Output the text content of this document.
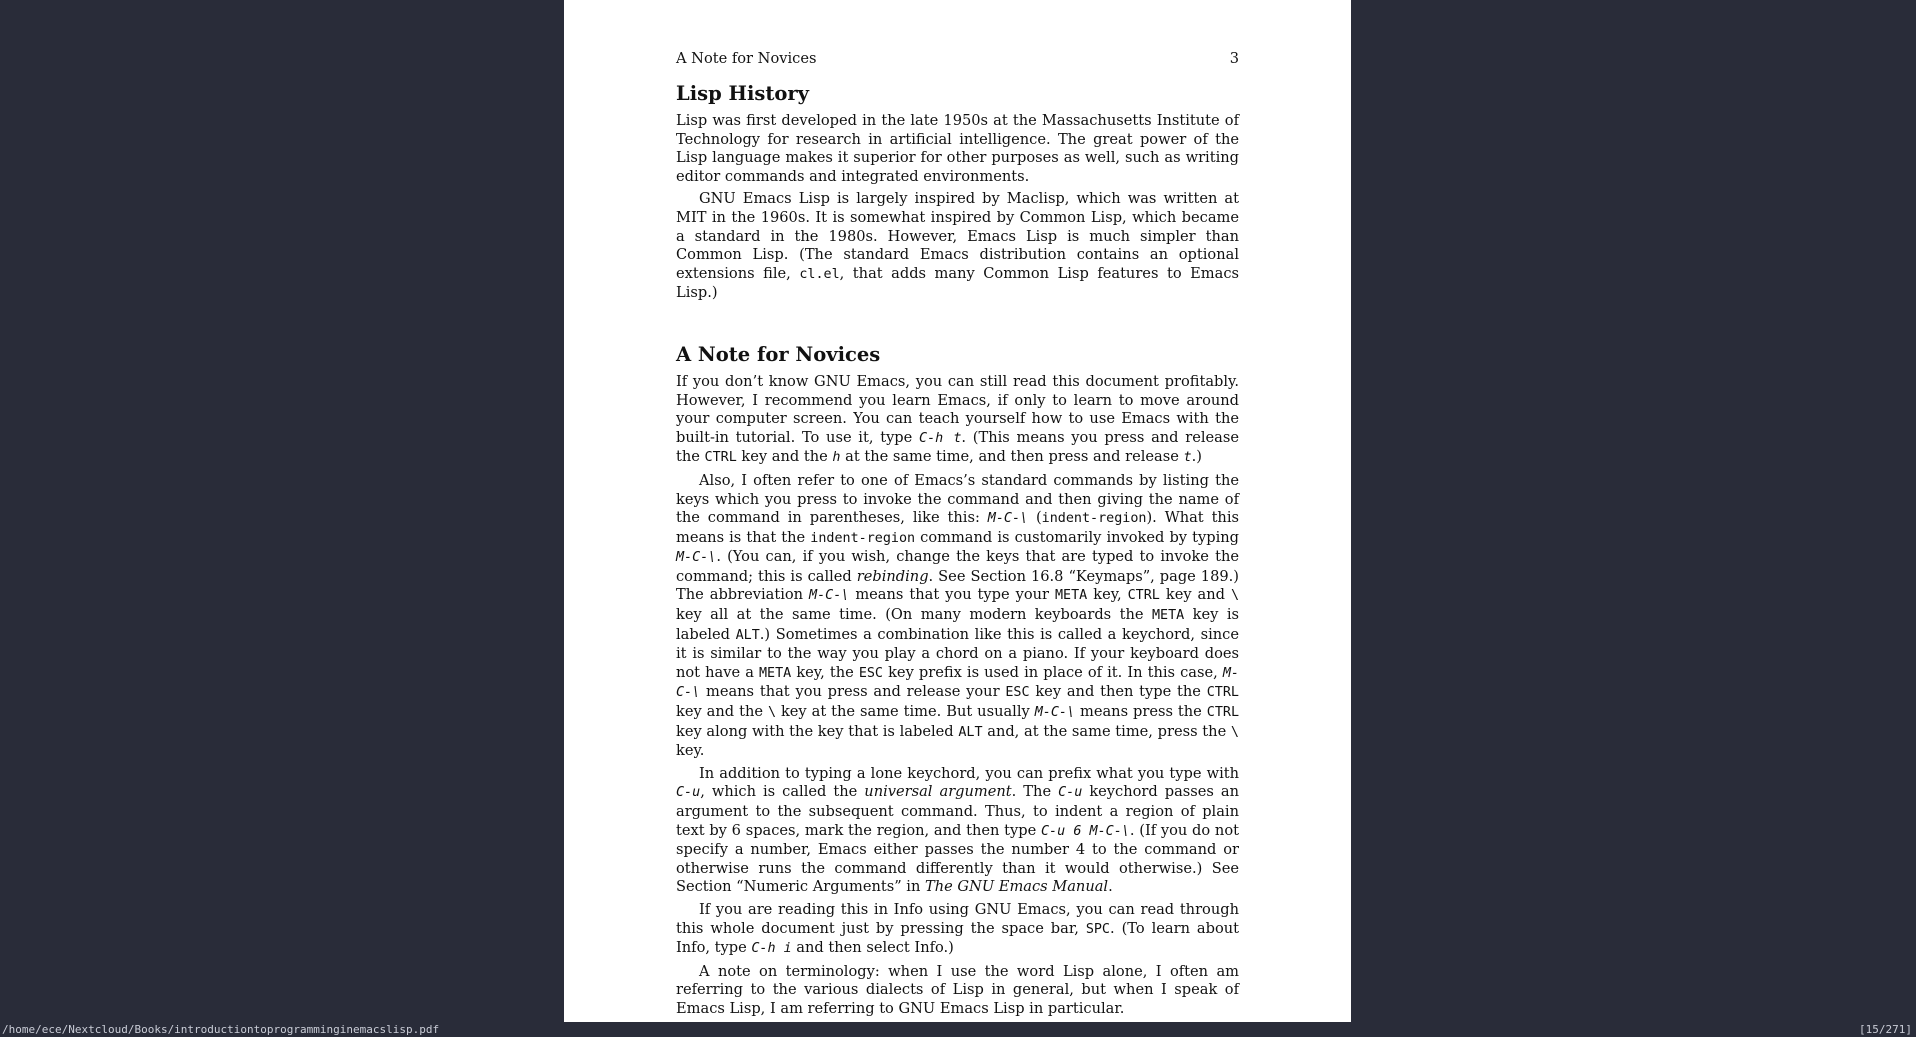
A Note for Novices	3
Lisp History

Lisp was first developed in the late 1950s at the Massachusetts Institute of Technology for research in artificial intelligence. The great power of the Lisp language makes it superior for other purposes as well, such as writing editor commands and integrated environments.

GNU Emacs Lisp is largely inspired by Maclisp, which was written at MIT in the 1960s. It is somewhat inspired by Common Lisp, which became a standard in the 1980s. However, Emacs Lisp is much simpler than Common Lisp. (The standard Emacs distribution contains an optional extensions file, cl.el, that adds many Common Lisp features to Emacs Lisp.)

A Note for Novices

If you don’t know GNU Emacs, you can still read this document profitably. However, I recommend you learn Emacs, if only to learn to move around your computer screen. You can teach yourself how to use Emacs with the built-in tutorial. To use it, type C-h t. (This means you press and release the CTRL key and the h at the same time, and then press and release t.)

Also, I often refer to one of Emacs’s standard commands by listing the keys which you press to invoke the command and then giving the name of the command in parentheses, like this: M-C-\ (indent-region). What this means is that the indent-region command is customarily invoked by typing M-C-\. (You can, if you wish, change the keys that are typed to invoke the command; this is called rebinding. See Section 16.8 “Keymaps”, page 189.) The abbreviation M-C-\ means that you type your META key, CTRL key and \ key all at the same time. (On many modern keyboards the META key is labeled ALT.) Sometimes a combination like this is called a keychord, since it is similar to the way you play a chord on a piano. If your keyboard does not have a META key, the ESC key prefix is used in place of it. In this case, M-C-\ means that you press and release your ESC key and then type the CTRL key and the \ key at the same time. But usually M-C-\ means press the CTRL key along with the key that is labeled ALT and, at the same time, press the \ key.

In addition to typing a lone keychord, you can prefix what you type with C-u, which is called the universal argument. The C-u keychord passes an argument to the subsequent command. Thus, to indent a region of plain text by 6 spaces, mark the region, and then type C-u 6 M-C-\. (If you do not specify a number, Emacs either passes the number 4 to the command or otherwise runs the command differently than it would otherwise.) See Section “Numeric Arguments” in The GNU Emacs Manual.

If you are reading this in Info using GNU Emacs, you can read through this whole document just by pressing the space bar, SPC. (To learn about Info, type C-h i and then select Info.)

A note on terminology: when I use the word Lisp alone, I often am referring to the various dialects of Lisp in general, but when I speak of Emacs Lisp, I am referring to GNU Emacs Lisp in particular.

/home/ece/Nextcloud/Books/introductiontoprogramminginemacslisp.pdf	[15/271]
